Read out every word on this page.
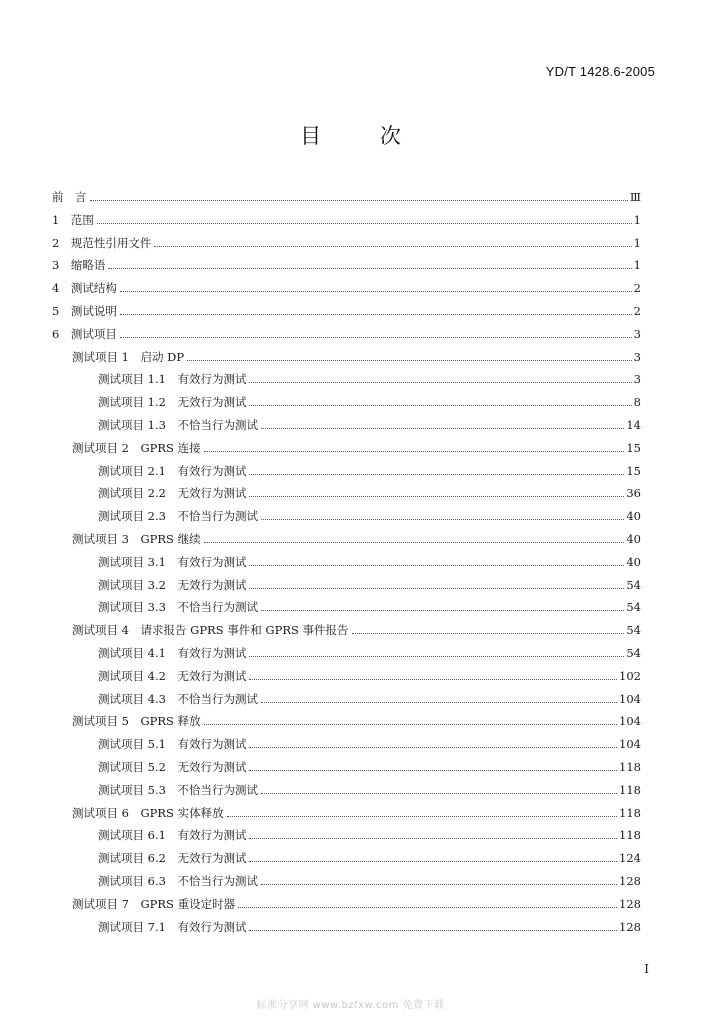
YD/T 1428.6-2005
目 次
前　言	Ⅲ
1　范围	1
2　规范性引用文件	1
3　缩略语	1
4　测试结构	2
5　测试说明	2
6　测试项目	3
测试项目 1　启动 DP	3
测试项目 1.1　有效行为测试	3
测试项目 1.2　无效行为测试	8
测试项目 1.3　不恰当行为测试	14
测试项目 2　GPRS 连接	15
测试项目 2.1　有效行为测试	15
测试项目 2.2　无效行为测试	36
测试项目 2.3　不恰当行为测试	40
测试项目 3　GPRS 继续	40
测试项目 3.1　有效行为测试	40
测试项目 3.2　无效行为测试	54
测试项目 3.3　不恰当行为测试	54
测试项目 4　请求报告 GPRS 事件和 GPRS 事件报告	54
测试项目 4.1　有效行为测试	54
测试项目 4.2　无效行为测试	102
测试项目 4.3　不恰当行为测试	104
测试项目 5　GPRS 释放	104
测试项目 5.1　有效行为测试	104
测试项目 5.2　无效行为测试	118
测试项目 5.3　不恰当行为测试	118
测试项目 6　GPRS 实体释放	118
测试项目 6.1　有效行为测试	118
测试项目 6.2　无效行为测试	124
测试项目 6.3　不恰当行为测试	128
测试项目 7　GPRS 重设定时器	128
测试项目 7.1　有效行为测试	128
I
标准分享网 www.bzfxw.com 免费下载
